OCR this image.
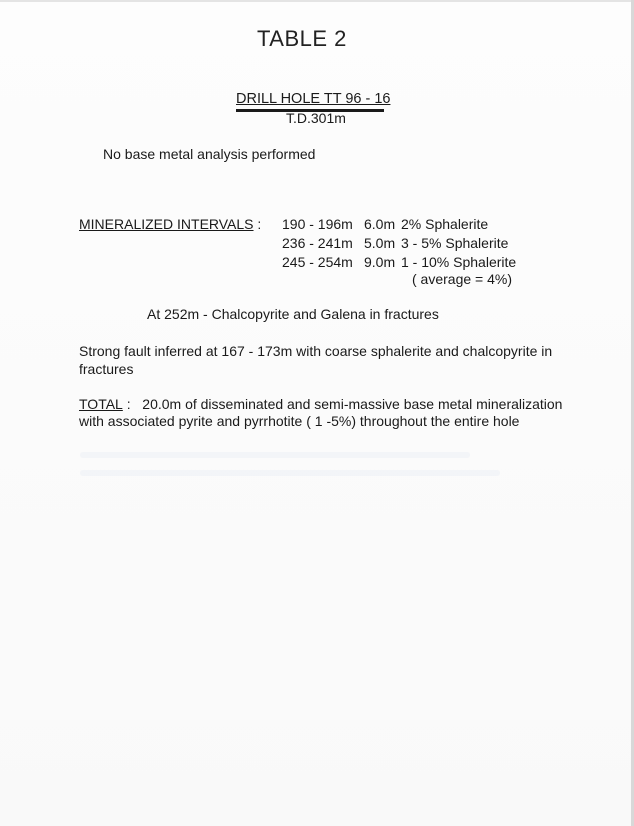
TABLE 2
DRILL HOLE TT 96 - 16
T.D.301m
No base metal analysis performed
MINERALIZED INTERVALS : 190 - 196m 6.0m 2% Sphalerite
236 - 241m 5.0m 3 - 5% Sphalerite
245 - 254m 9.0m 1 - 10% Sphalerite
( average = 4%)
At 252m - Chalcopyrite and Galena in fractures
Strong fault inferred at 167 - 173m with coarse sphalerite and chalcopyrite in fractures
TOTAL : 20.0m of disseminated and semi-massive base metal mineralization with associated pyrite and pyrrhotite ( 1 -5%) throughout the entire hole
